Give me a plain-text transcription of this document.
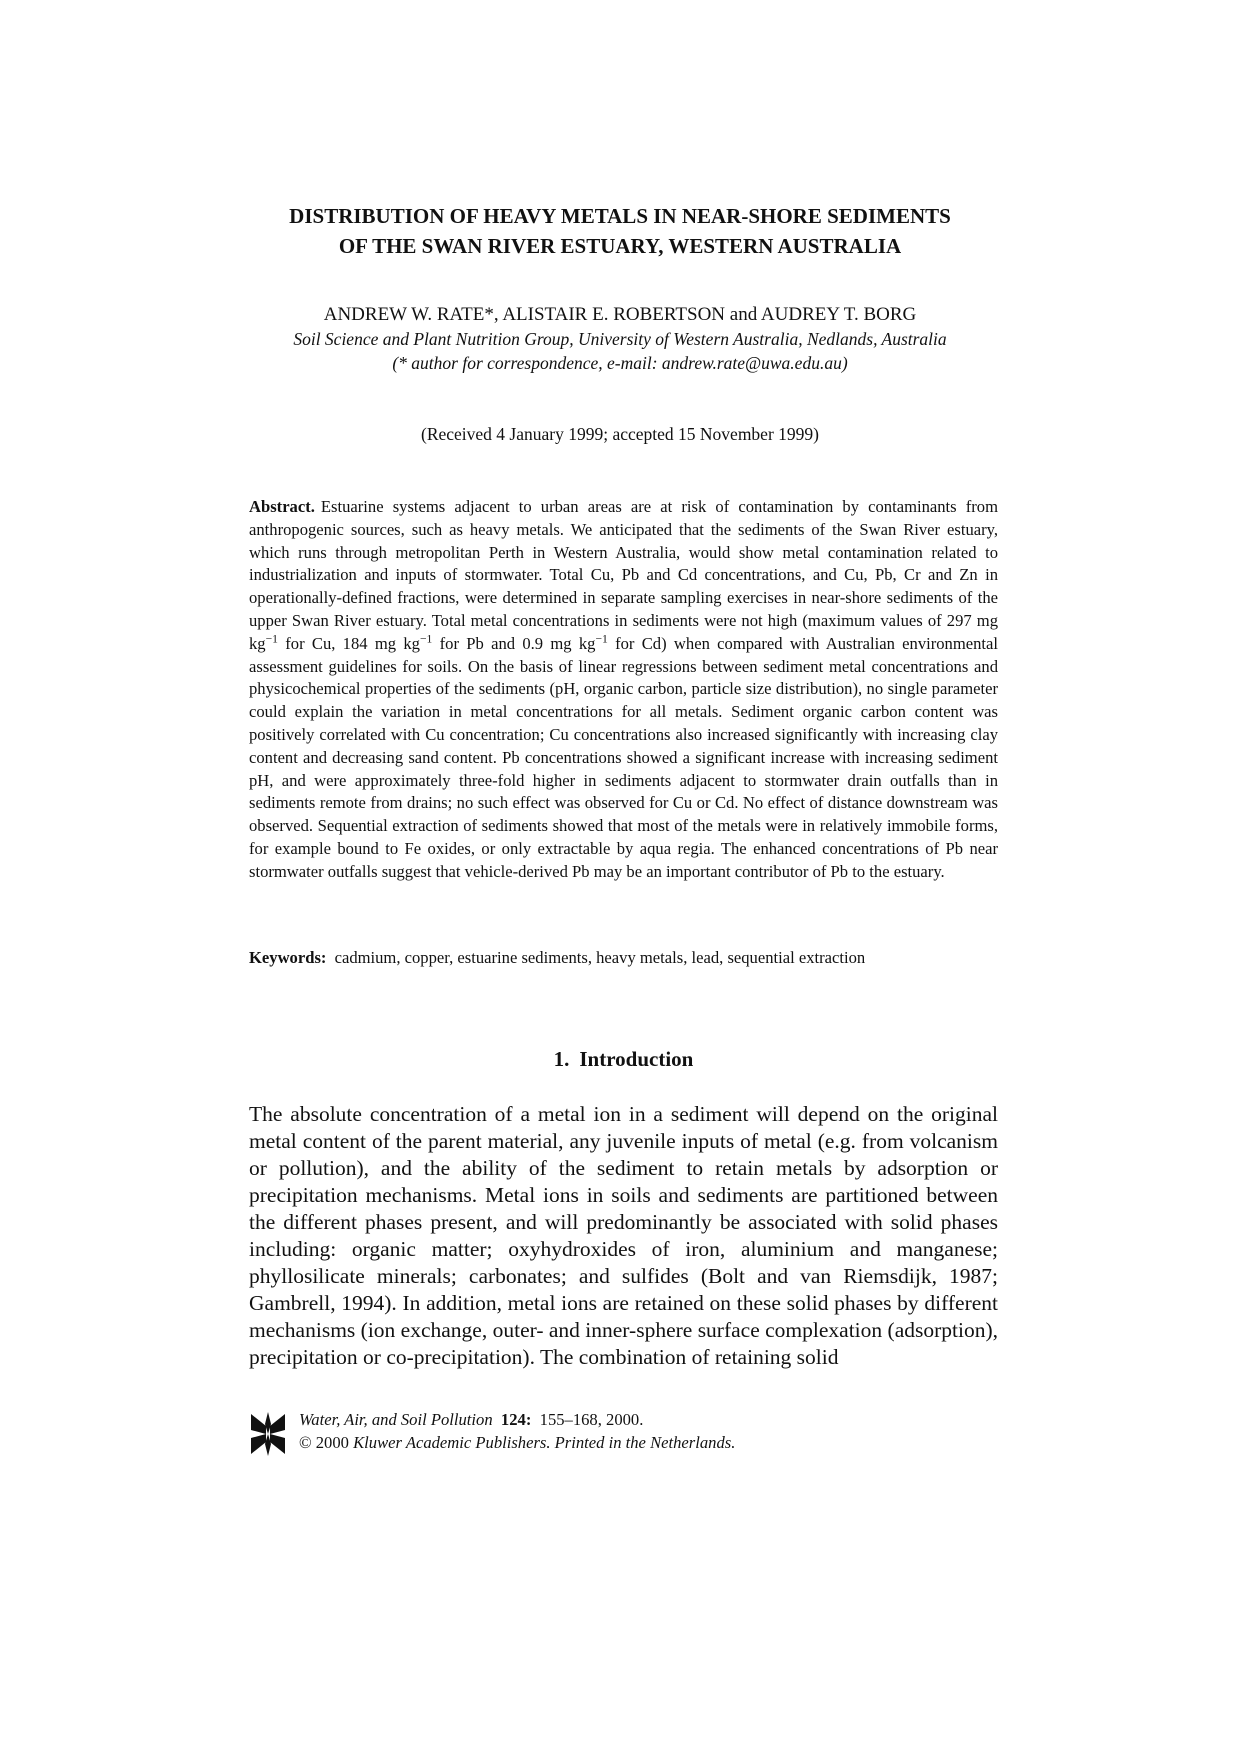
DISTRIBUTION OF HEAVY METALS IN NEAR-SHORE SEDIMENTS
OF THE SWAN RIVER ESTUARY, WESTERN AUSTRALIA
ANDREW W. RATE*, ALISTAIR E. ROBERTSON and AUDREY T. BORG
Soil Science and Plant Nutrition Group, University of Western Australia, Nedlands, Australia
(* author for correspondence, e-mail: andrew.rate@uwa.edu.au)
(Received 4 January 1999; accepted 15 November 1999)

Abstract. Estuarine systems adjacent to urban areas are at risk of contamination by contaminants from anthropogenic sources, such as heavy metals. We anticipated that the sediments of the Swan River estuary, which runs through metropolitan Perth in Western Australia, would show metal contamination related to industrialization and inputs of stormwater. Total Cu, Pb and Cd concentrations, and Cu, Pb, Cr and Zn in operationally-defined fractions, were determined in separate sampling exercises in near-shore sediments of the upper Swan River estuary. Total metal concentrations in sediments were not high (maximum values of 297 mg $kg^{-1}$ for Cu, 184 mg $kg^{-1}$ for Pb and 0.9 mg $kg^{-1}$ for Cd) when compared with Australian environmental assessment guidelines for soils. On the basis of linear regressions between sediment metal concentrations and physicochemical properties of the sediments (pH, organic carbon, particle size distribution), no single parameter could explain the variation in metal concentrations for all metals. Sediment organic carbon content was positively correlated with Cu concentration; Cu concentrations also increased significantly with increasing clay content and decreasing sand content. Pb concentrations showed a significant increase with increasing sediment pH, and were approximately three-fold higher in sediments adjacent to stormwater drain outfalls than in sediments remote from drains; no such effect was observed for Cu or Cd. No effect of distance downstream was observed. Sequential extraction of sediments showed that most of the metals were in relatively immobile forms, for example bound to Fe oxides, or only extractable by aqua regia. The enhanced concentrations of Pb near stormwater outfalls suggest that vehicle-derived Pb may be an important contributor of Pb to the estuary.

Keywords: cadmium, copper, estuarine sediments, heavy metals, lead, sequential extraction
1. Introduction

The absolute concentration of a metal ion in a sediment will depend on the original metal content of the parent material, any juvenile inputs of metal (e.g. from volcanism or pollution), and the ability of the sediment to retain metals by adsorption or precipitation mechanisms. Metal ions in soils and sediments are partitioned between the different phases present, and will predominantly be associated with solid phases including: organic matter; oxyhydroxides of iron, aluminium and manganese; phyllosilicate minerals; carbonates; and sulfides (Bolt and van Riemsdijk, 1987; Gambrell, 1994). In addition, metal ions are retained on these solid phases by different mechanisms (ion exchange, outer- and inner-sphere surface complexation (adsorption), precipitation or co-precipitation). The combination of retaining solid

Water, Air, and Soil Pollution 124: 155–168, 2000.
© 2000 Kluwer Academic Publishers. Printed in the Netherlands.
